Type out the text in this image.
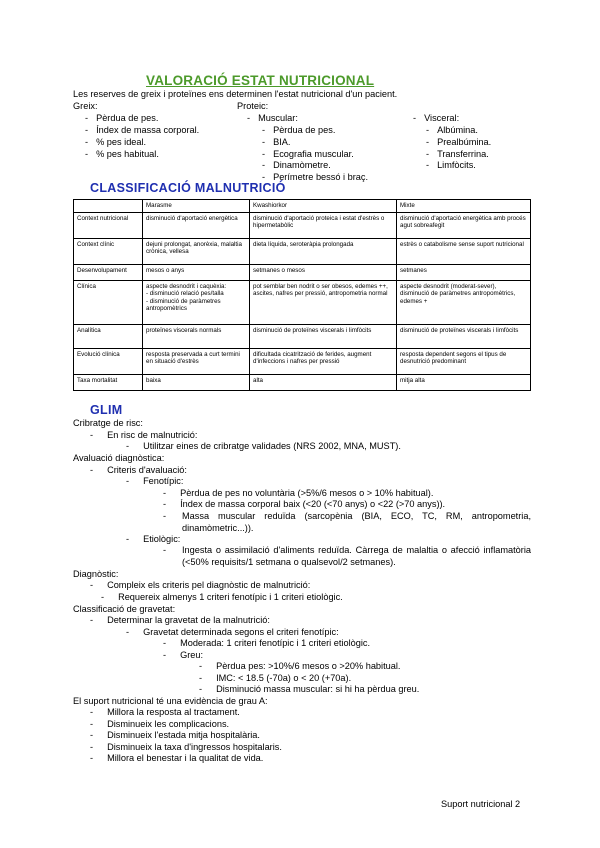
VALORACIÓ ESTAT NUTRICIONAL
Les reserves de greix i proteïnes ens determinen l'estat nutricional d'un pacient.
Greix:
- Pèrdua de pes.
- Índex de massa corporal.
- % pes ideal.
- % pes habitual.
Proteic:
- Muscular:
- Pèrdua de pes.
- BIA.
- Ecografia muscular.
- Dinamòmetre.
- Perímetre bessó i braç.
- Visceral:
- Albúmina.
- Prealbúmina.
- Transferrina.
- Limfòcits.
CLASSIFICACIÓ MALNUTRICIÓ
	Marasme	Kwashiorkor	Mixte
Context nutricional	disminució d'aportació energètica	disminució d'aportació proteica i estat d'estrès o hipermetabòlic	disminució d'aportació energètica amb procés agut sobreafegit
Context clínic	dejuni prolongat, anorèxia, malaltia crònica, vellesa	dieta líquida, seroteràpia prolongada	estrès o catabolisme sense suport nutricional
Desenvolupament	mesos o anys	setmanes o mesos	setmanes
Clínica	aspecte desnodrit i caquèxia:
- disminució relació pes/talla
- disminució de paràmetres antropomètrics	pot semblar ben nodrit o ser obesos, edemes ++, ascites, nafres per pressió, antropometria normal	aspecte desnodrit (moderat-sever), disminució de paràmetres antropomètrics, edemes +
Analítica	proteïnes viscerals normals	disminució de proteïnes viscerals i limfòcits	disminució de proteïnes viscerals i limfòcits
Evolució clínica	resposta preservada a curt termini en situació d'estrès	dificultada cicatrització de ferides, augment d'infeccions i nafres per pressió	resposta dependent segons el tipus de desnutrició predominant
Taxa mortalitat	baixa	alta	mitja alta
GLIM
Cribratge de risc:
- En risc de malnutrició:
- Utilitzar eines de cribratge validades (NRS 2002, MNA, MUST).
Avaluació diagnòstica:
- Criteris d'avaluació:
- Fenotípic:
- Pèrdua de pes no voluntària (>5%/6 mesos o > 10% habitual).
- Índex de massa corporal baix (<20 (<70 anys) o <22 (>70 anys)).
- Massa muscular reduïda (sarcopènia (BIA, ECO, TC, RM, antropometria, dinamòmetric...)).
- Etiològic:
- Ingesta o assimilació d'aliments reduïda. Càrrega de malaltia o afecció inflamatòria (<50% requisits/1 setmana o qualsevol/2 setmanes).
Diagnòstic:
- Compleix els criteris pel diagnòstic de malnutrició:
- Requereix almenys 1 criteri fenotípic i 1 criteri etiològic.
Classificació de gravetat:
- Determinar la gravetat de la malnutrició:
- Gravetat determinada segons el criteri fenotípic:
- Moderada: 1 criteri fenotípic i 1 criteri etiològic.
- Greu:
- Pèrdua pes: >10%/6 mesos o >20% habitual.
- IMC: < 18.5 (-70a) o < 20 (+70a).
- Disminució massa muscular: si hi ha pèrdua greu.
El suport nutricional té una evidència de grau A:
- Millora la resposta al tractament.
- Disminueix les complicacions.
- Disminueix l'estada mitja hospitalària.
- Disminueix la taxa d'ingressos hospitalaris.
- Millora el benestar i la qualitat de vida.
Suport nutricional 2
